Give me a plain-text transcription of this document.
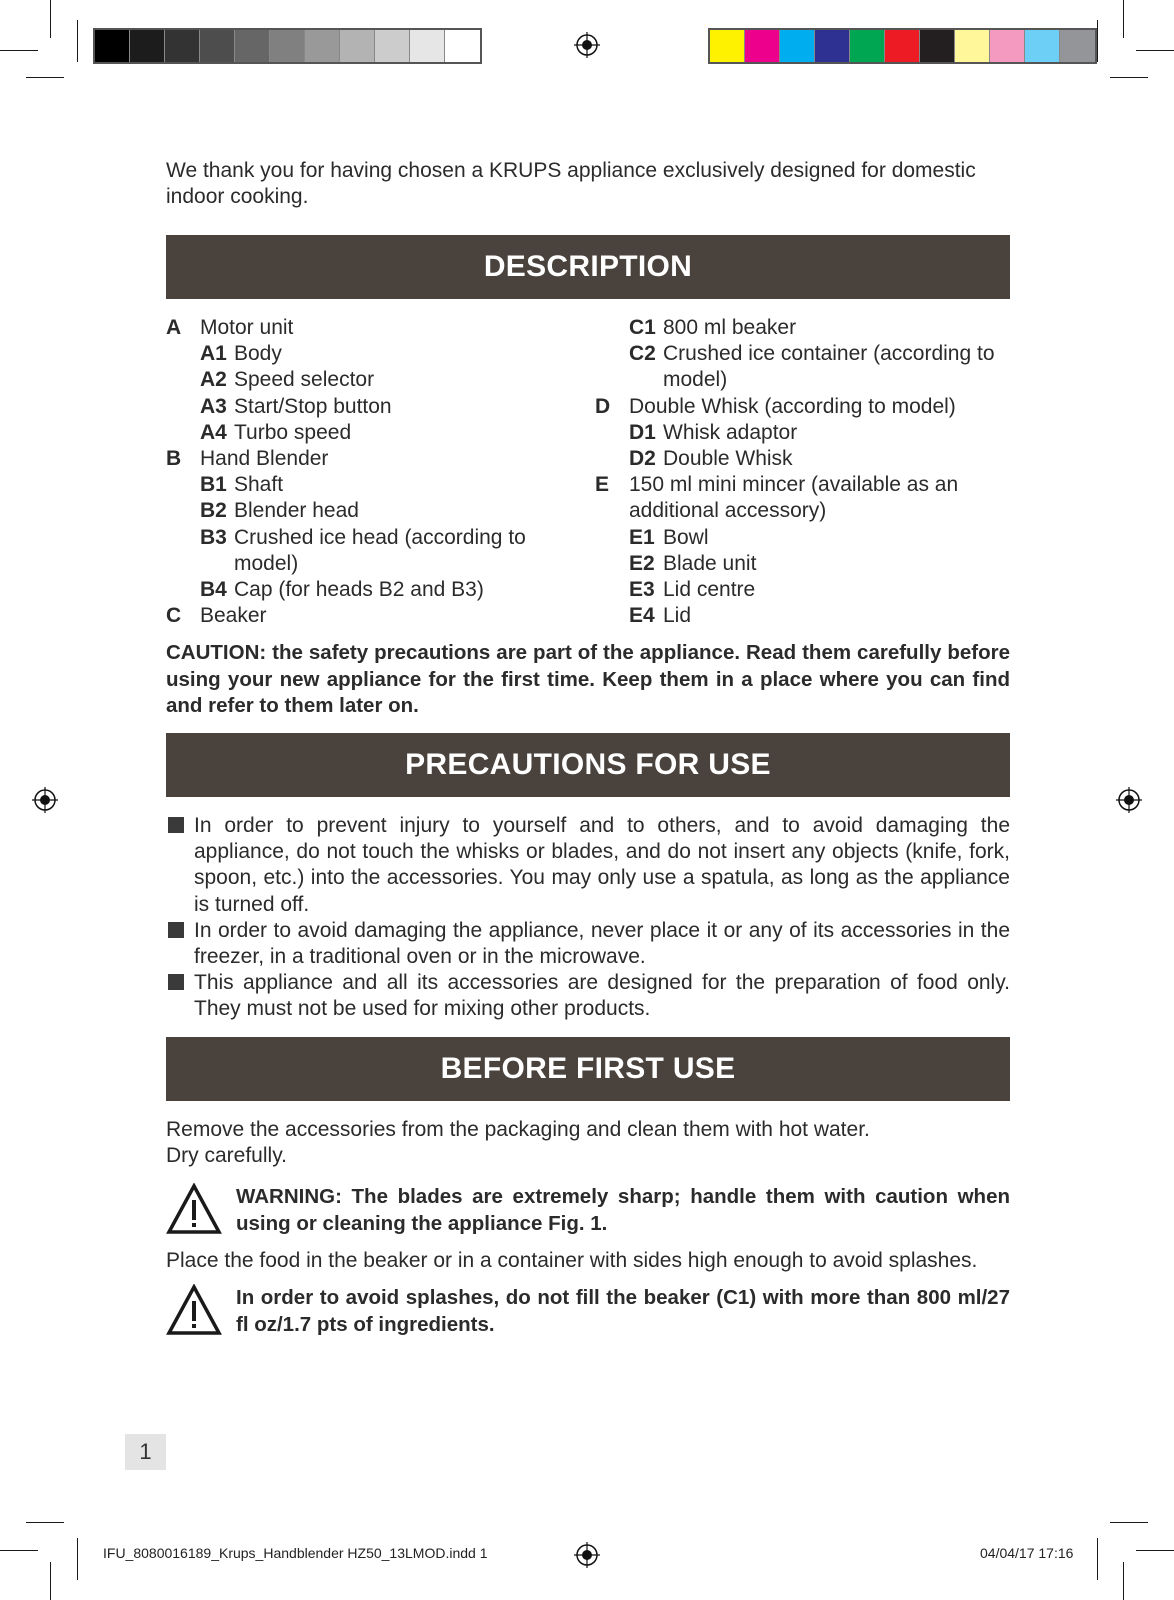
We thank you for having chosen a KRUPS appliance exclusively designed for domestic indoor cooking.
DESCRIPTION
A Motor unit
A1 Body
A2 Speed selector
A3 Start/Stop button
A4 Turbo speed
B Hand Blender
B1 Shaft
B2 Blender head
B3 Crushed ice head (according to model)
B4 Cap (for heads B2 and B3)
C Beaker
C1 800 ml beaker
C2 Crushed ice container (according to model)
D Double Whisk (according to model)
D1 Whisk adaptor
D2 Double Whisk
E 150 ml mini mincer (available as an additional accessory)
E1 Bowl
E2 Blade unit
E3 Lid centre
E4 Lid
CAUTION: the safety precautions are part of the appliance. Read them carefully before using your new appliance for the first time. Keep them in a place where you can find and refer to them later on.
PRECAUTIONS FOR USE
In order to prevent injury to yourself and to others, and to avoid damaging the appliance, do not touch the whisks or blades, and do not insert any objects (knife, fork, spoon, etc.) into the accessories. You may only use a spatula, as long as the appliance is turned off.
In order to avoid damaging the appliance, never place it or any of its accessories in the freezer, in a traditional oven or in the microwave.
This appliance and all its accessories are designed for the preparation of food only. They must not be used for mixing other products.
BEFORE FIRST USE
Remove the accessories from the packaging and clean them with hot water.
Dry carefully.
WARNING: The blades are extremely sharp; handle them with caution when using or cleaning the appliance Fig. 1.
Place the food in the beaker or in a container with sides high enough to avoid splashes.
In order to avoid splashes, do not fill the beaker (C1) with more than 800 ml/27 fl oz/1.7 pts of ingredients.
1
IFU_8080016189_Krups_Handblender HZ50_13LMOD.indd 1	04/04/17 17:16
